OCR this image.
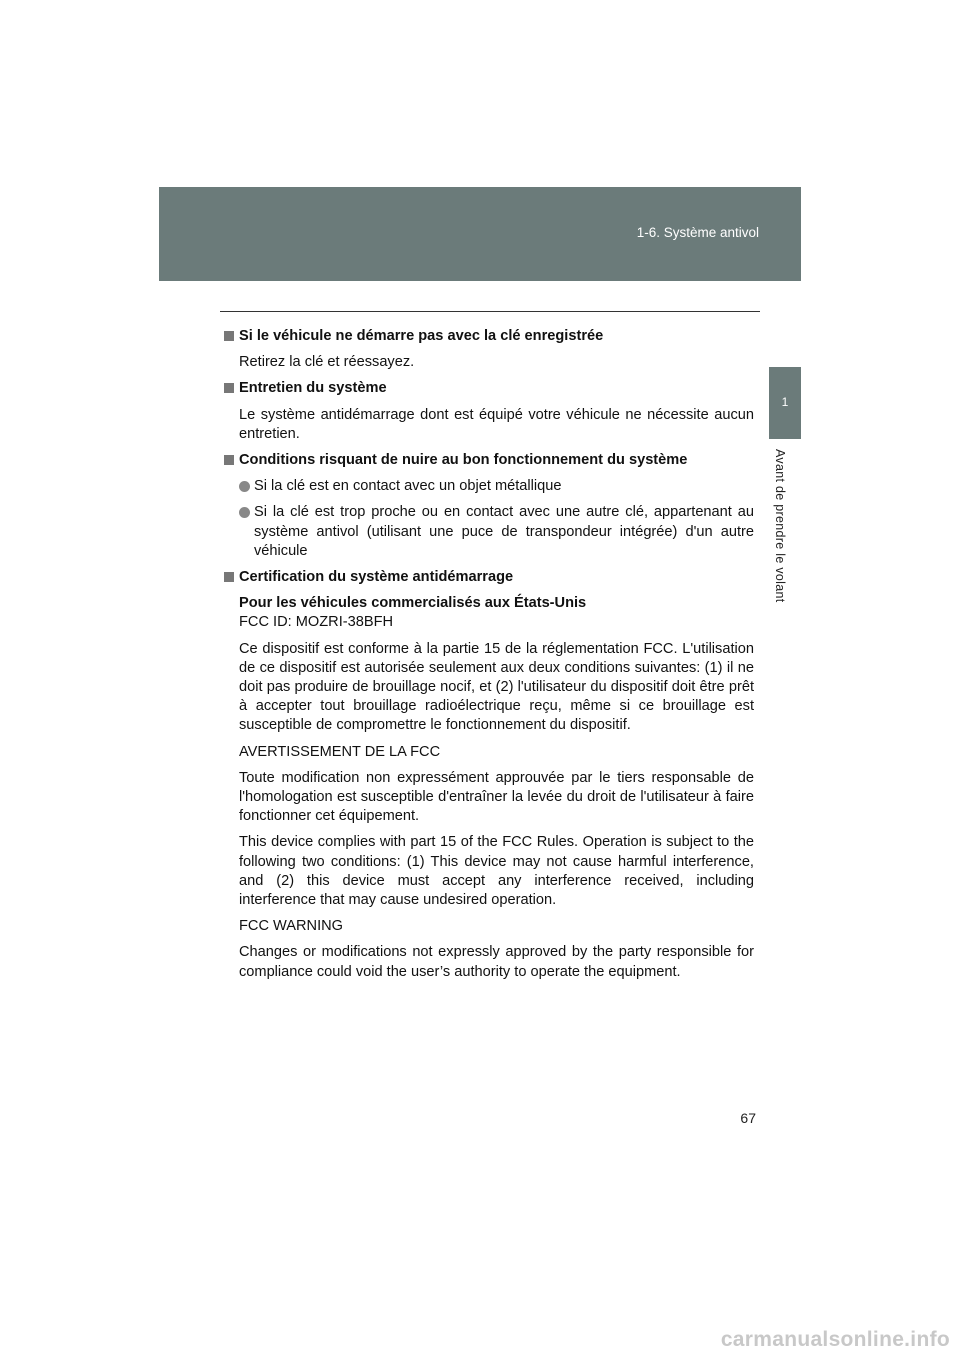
1-6. Système antivol
1
Avant de prendre le volant
Si le véhicule ne démarre pas avec la clé enregistrée
Retirez la clé et réessayez.
Entretien du système
Le système antidémarrage dont est équipé votre véhicule ne nécessite aucun entretien.
Conditions risquant de nuire au bon fonctionnement du système
Si la clé est en contact avec un objet métallique
Si la clé est trop proche ou en contact avec une autre clé, appartenant au système antivol (utilisant une puce de transpondeur intégrée) d'un autre véhicule
Certification du système antidémarrage
Pour les véhicules commercialisés aux États-Unis
FCC ID: MOZRI-38BFH
Ce dispositif est conforme à la partie 15 de la réglementation FCC. L'utilisation de ce dispositif est autorisée seulement aux deux conditions suivantes: (1) il ne doit pas produire de brouillage nocif, et (2) l'utilisateur du dispositif doit être prêt à accepter tout brouillage radioélectrique reçu, même si ce brouillage est susceptible de compromettre le fonctionnement du dispositif.
AVERTISSEMENT DE LA FCC
Toute modification non expressément approuvée par le tiers responsable de l'homologation est susceptible d'entraîner la levée du droit de l'utilisateur à faire fonctionner cet équipement.
This device complies with part 15 of the FCC Rules. Operation is subject to the following two conditions: (1) This device may not cause harmful interference, and (2) this device must accept any interference received, including interference that may cause undesired operation.
FCC WARNING
Changes or modifications not expressly approved by the party responsible for compliance could void the user’s authority to operate the equipment.
67
carmanualsonline.info
